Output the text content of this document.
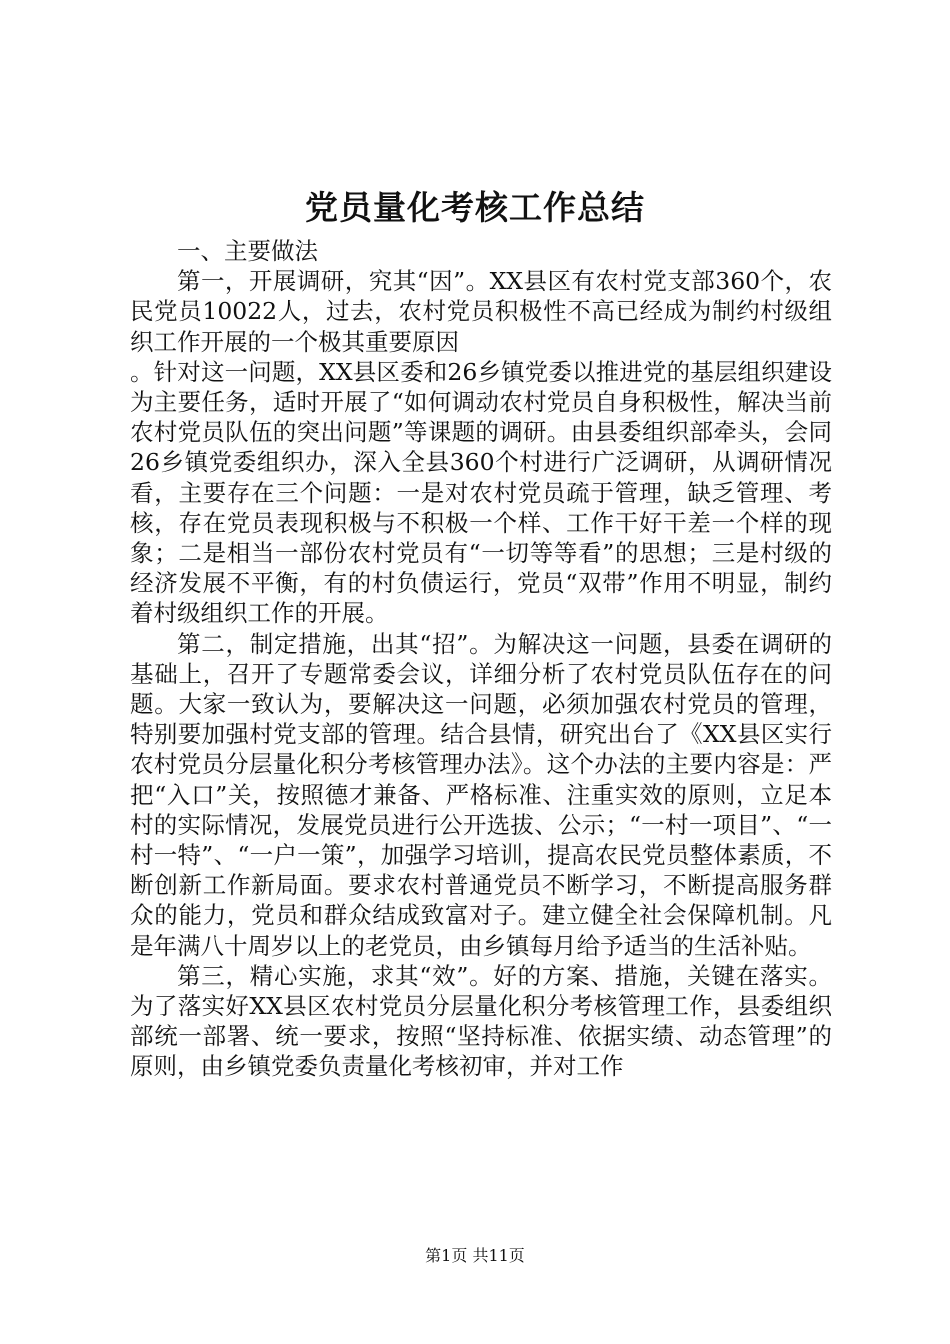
党员量化考核工作总结

一、主要做法

第一，开展调研，究其“因”。XX县区有农村党支部360个，农民党员10022人，过去，农村党员积极性不高已经成为制约村级组织工作开展的一个极其重要原因

。针对这一问题，XX县区委和26乡镇党委以推进党的基层组织建设为主要任务，适时开展了“如何调动农村党员自身积极性，解决当前农村党员队伍的突出问题”等课题的调研。由县委组织部牵头，会同26乡镇党委组织办，深入全县360个村进行广泛调研，从调研情况看，主要存在三个问题：一是对农村党员疏于管理，缺乏管理、考核，存在党员表现积极与不积极一个样、工作干好干差一个样的现象；二是相当一部份农村党员有“一切等等看”的思想；三是村级的经济发展不平衡，有的村负债运行，党员“双带”作用不明显，制约着村级组织工作的开展。

第二，制定措施，出其“招”。为解决这一问题，县委在调研的基础上，召开了专题常委会议，详细分析了农村党员队伍存在的问题。大家一致认为，要解决这一问题，必须加强农村党员的管理，特别要加强村党支部的管理。结合县情，研究出台了《XX县区实行农村党员分层量化积分考核管理办法》。这个办法的主要内容是：严把“入口”关，按照德才兼备、严格标准、注重实效的原则，立足本村的实际情况，发展党员进行公开选拔、公示；“一村一项目”、“一村一特”、“一户一策”，加强学习培训，提高农民党员整体素质，不断创新工作新局面。要求农村普通党员不断学习，不断提高服务群众的能力，党员和群众结成致富对子。建立健全社会保障机制。凡是年满八十周岁以上的老党员，由乡镇每月给予适当的生活补贴。

第三，精心实施，求其“效”。好的方案、措施，关键在落实。为了落实好XX县区农村党员分层量化积分考核管理工作，县委组织部统一部署、统一要求，按照“坚持标准、依据实绩、动态管理”的原则，由乡镇党委负责量化考核初审，并对工作

第1页 共11页
